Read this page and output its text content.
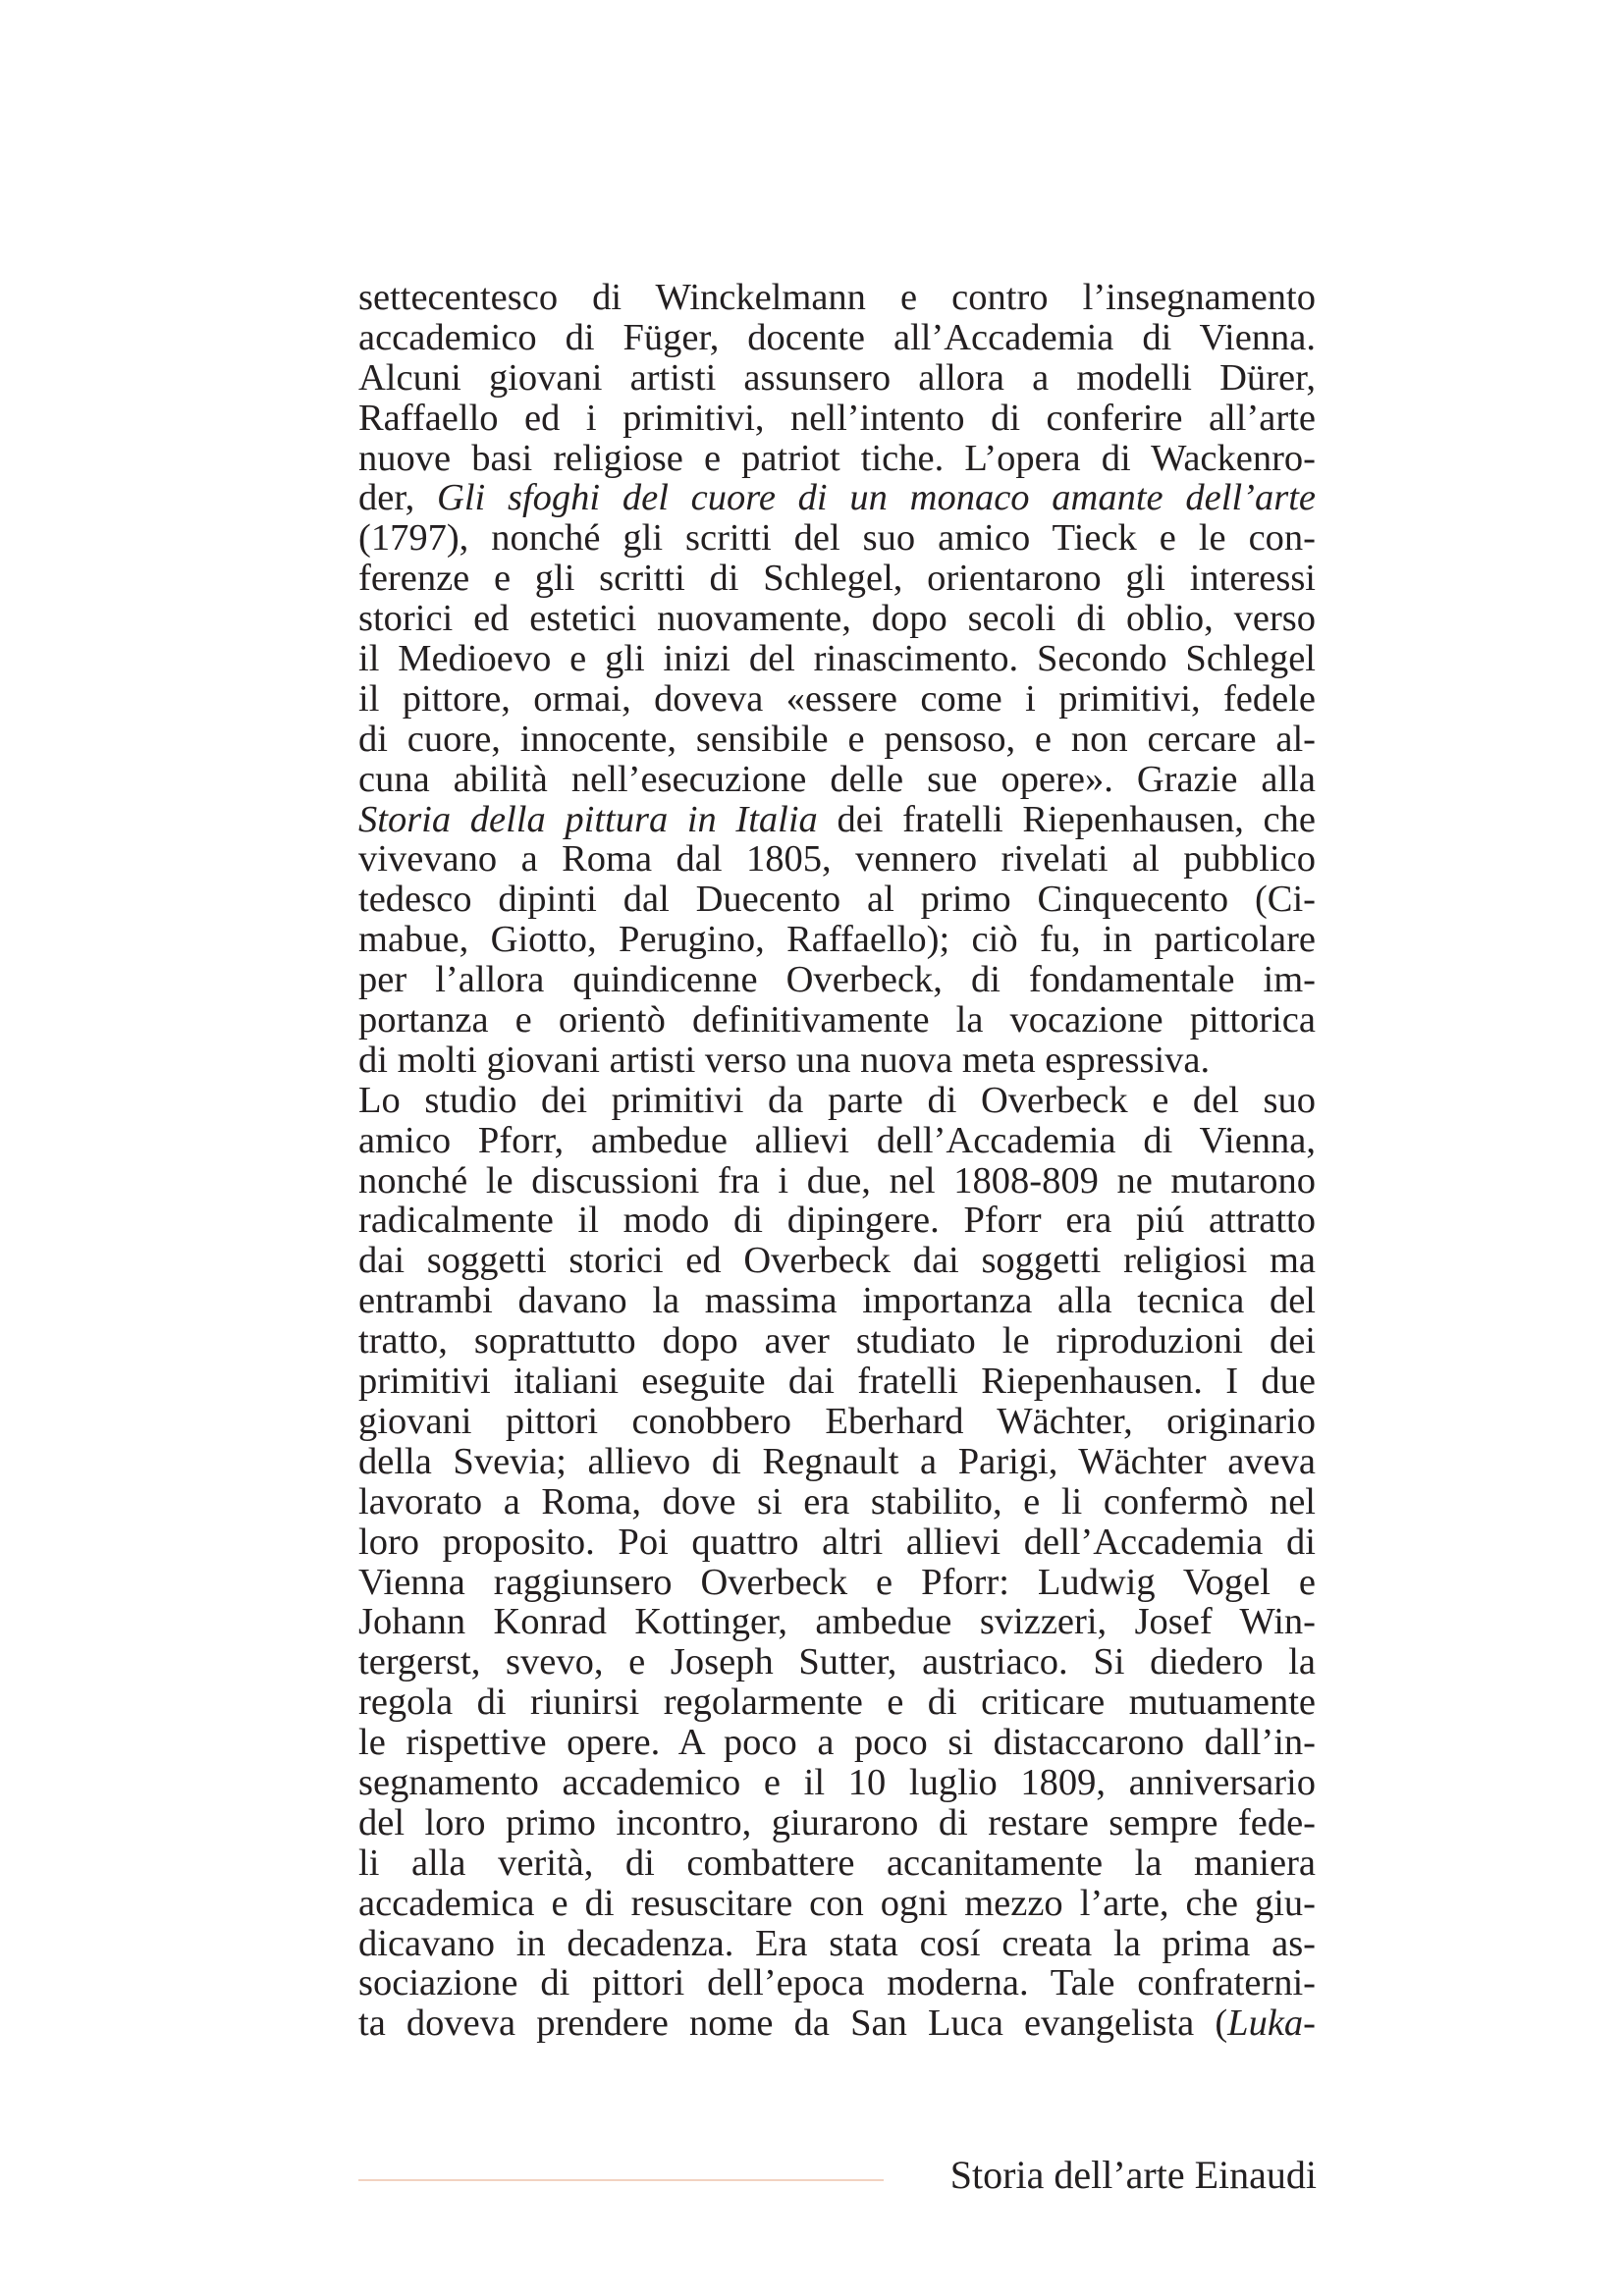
settecentesco di Winckelmann e contro l’insegnamento
accademico di Füger, docente all’Accademia di Vienna.
Alcuni giovani artisti assunsero allora a modelli Dürer,
Raffaello ed i primitivi, nell’intento di conferire all’arte
nuove basi religiose e patriot tiche. L’opera di Wackenro-
der, Gli sfoghi del cuore di un monaco amante dell’arte
(1797), nonché gli scritti del suo amico Tieck e le con-
ferenze e gli scritti di Schlegel, orientarono gli interessi
storici ed estetici nuovamente, dopo secoli di oblio, verso
il Medioevo e gli inizi del rinascimento. Secondo Schlegel
il pittore, ormai, doveva «essere come i primitivi, fedele
di cuore, innocente, sensibile e pensoso, e non cercare al-
cuna abilità nell’esecuzione delle sue opere». Grazie alla
Storia della pittura in Italia dei fratelli Riepenhausen, che
vivevano a Roma dal 1805, vennero rivelati al pubblico
tedesco dipinti dal Duecento al primo Cinquecento (Ci-
mabue, Giotto, Perugino, Raffaello); ciò fu, in particolare
per l’allora quindicenne Overbeck, di fondamentale im-
portanza e orientò definitivamente la vocazione pittorica
di molti giovani artisti verso una nuova meta espressiva.
Lo studio dei primitivi da parte di Overbeck e del suo
amico Pforr, ambedue allievi dell’Accademia di Vienna,
nonché le discussioni fra i due, nel 1808-809 ne mutarono
radicalmente il modo di dipingere. Pforr era piú attratto
dai soggetti storici ed Overbeck dai soggetti religiosi ma
entrambi davano la massima importanza alla tecnica del
tratto, soprattutto dopo aver studiato le riproduzioni dei
primitivi italiani eseguite dai fratelli Riepenhausen. I due
giovani pittori conobbero Eberhard Wächter, originario
della Svevia; allievo di Regnault a Parigi, Wächter aveva
lavorato a Roma, dove si era stabilito, e li confermò nel
loro proposito. Poi quattro altri allievi dell’Accademia di
Vienna raggiunsero Overbeck e Pforr: Ludwig Vogel e
Johann Konrad Kottinger, ambedue svizzeri, Josef Win-
tergerst, svevo, e Joseph Sutter, austriaco. Si diedero la
regola di riunirsi regolarmente e di criticare mutuamente
le rispettive opere. A poco a poco si distaccarono dall’in-
segnamento accademico e il 10 luglio 1809, anniversario
del loro primo incontro, giurarono di restare sempre fede-
li alla verità, di combattere accanitamente la maniera
accademica e di resuscitare con ogni mezzo l’arte, che giu-
dicavano in decadenza. Era stata cosí creata la prima as-
sociazione di pittori dell’epoca moderna. Tale confraterni-
ta doveva prendere nome da San Luca evangelista (Luka-
Storia dell’arte Einaudi
